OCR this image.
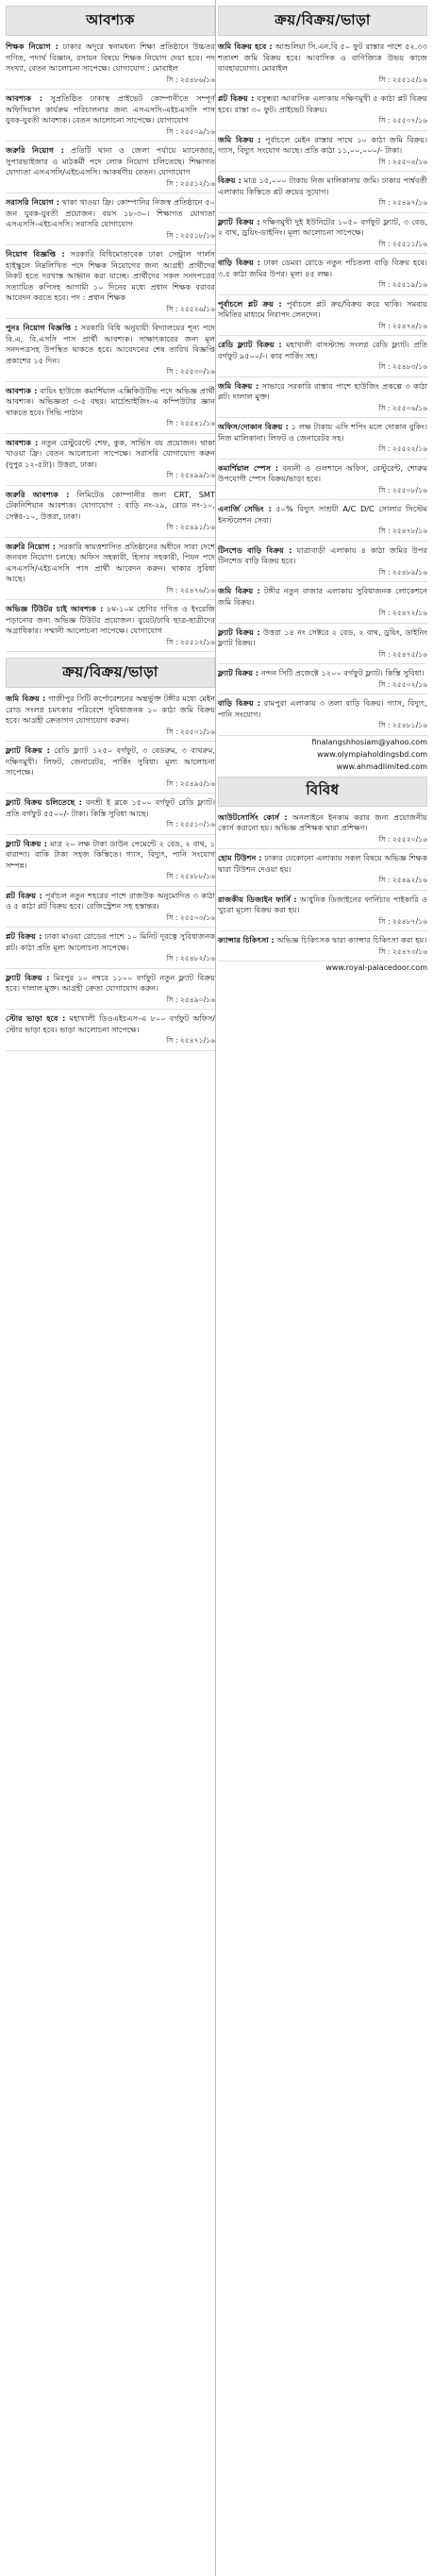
আবশ্যক
শিক্ষক নিয়োগ : ঢাকার অদূরে স্বনামধন্য শিক্ষা প্রতিষ্ঠানে উচ্চতর গণিত, পদার্থ বিজ্ঞান, রসায়ন বিষয়ে শিক্ষক নিয়োগ দেয়া হবে। পদ সংখ্যা, বেতন আলোচনা সাপেক্ষে। যোগাযোগ : মোবাইল
সি : ২৫৪৮৬/১৬
আবশ্যক : সুপ্রতিষ্ঠিত ঢাকাস্থ প্রাইভেট কোম্পানীতে সম্পূর্ণ অফিসিয়াল কার্যক্রম পরিচালনার জন্য এসএসসি-এইচএসসি পাস যুবক-যুবতী আবশ্যক। বেতন আলোচনা সাপেক্ষে। যোগাযোগ
সি : ২৫৫০৯/১৬
জরুরি নিয়োগ : প্রতিটি থানা ও জেলা পর্যায়ে ম্যানেজার, সুপারভাইজার ও মাঠকর্মী পদে লোক নিয়োগ চলিতেছে। শিক্ষাগত যোগ্যতা এসএসসি/এইচএসসি। আকর্ষণীয় বেতন। যোগাযোগ
সি : ২৫৫১২/১৬
সরাসরি নিয়োগ : থাকা খাওয়া ফ্রি। কোম্পানির নিজস্ব প্রতিষ্ঠানে ৫০ জন যুবক-যুবতী প্রয়োজন। বয়স ১৮-৩০। শিক্ষাগত যোগ্যতা এসএসসি-এইচএসসি। সরাসরি যোগাযোগ
সি : ২৫৫১৮/১৬
নিয়োগ বিজ্ঞপ্তি : সরকারি বিধিমোতাবেক ঢাকা সেন্ট্রাল গার্লস হাইস্কুলে নিম্নলিখিত পদে শিক্ষক নিয়োগের জন্য আগ্রহী প্রার্থীদের নিকট হতে দরখাস্ত আহ্বান করা যাচ্ছে। প্রার্থীদের সকল সনদপত্রের সত্যায়িত কপিসহ আগামী ১০ দিনের মধ্যে প্রধান শিক্ষক বরাবর আবেদন করতে হবে। পদ : প্রধান শিক্ষক
সি : ২৫৫২৬/১৬
পুনঃ নিয়োগ বিজ্ঞপ্তি : সরকারি বিধি অনুযায়ী বিদ্যালয়ের শূন্য পদে বি.এ, বি.এসসি পাস প্রার্থী আবশ্যক। সাক্ষাৎকারের জন্য মূল সনদপত্রসহ উপস্থিত থাকতে হবে। আবেদনের শেষ তারিখ বিজ্ঞপ্তি প্রকাশের ১৫ দিন।
সি : ২৫৫৩০/১৬
আবশ্যক : বায়িং হাউজে কমার্শিয়াল এক্সিকিউটিভ পদে অভিজ্ঞ প্রার্থী আবশ্যক। অভিজ্ঞতা ৩-৫ বছর। মার্চেন্ডাইজিং-এ কম্পিউটার জ্ঞান থাকতে হবে। সিভি পাঠান
সি : ২৫৫৪১/১৬
আবশ্যক : নতুন রেস্টুরেন্টে শেফ, কুক, সার্ভিস বয় প্রয়োজন। থাকা খাওয়া ফ্রি। বেতন আলোচনা সাপেক্ষে। সরাসরি যোগাযোগ করুন (দুপুর ১২-৫টা)। উত্তরা, ঢাকা।
সি : ২৫৪৯৯/১৬
জরুরি আবশ্যক : লিমিটেড কোম্পানীর জন্য CRT, SMT টেকনিশিয়ান আবশ্যক। যোগাযোগ : বাড়ি নং-২৯, রোড নং-১০, সেক্টর-১০, উত্তরা, ঢাকা।
সি : ২৫৪৯১/১৬
জরুরি নিয়োগ : সরকারি স্বায়ত্তশাসিত প্রতিষ্ঠানের অধীনে সারা দেশে জনবল নিয়োগ চলছে। অফিস সহকারী, হিসাব সহকারী, পিয়ন পদে এসএসসি/এইচএসসি পাস প্রার্থী আবেদন করুন। থাকার সুবিধা আছে।
সি : ২৫৪৭৬/১৬
অভিজ্ঞ টিউটর চাই আবশ্যক : ৮ম-১০ম শ্রেণির গণিত ও ইংরেজি পড়ানোর জন্য অভিজ্ঞ টিউটর প্রয়োজন। বুয়েট/ঢাবি ছাত্র-ছাত্রীদের অগ্রাধিকার। সম্মানী আলোচনা সাপেক্ষে। যোগাযোগ
সি : ২৫৫১২/১৬
ক্রয়/বিক্রয়/ভাড়া
জমি বিক্রয় : গাজীপুর সিটি কর্পোরেশনের অন্তর্ভুক্ত টঙ্গীর মধ্যে মেইন রোড সংলগ্ন চমৎকার পরিবেশে সুবিধাজনক ১০ কাঠা জমি বিক্রয় হবে। আগ্রহী ক্রেতাগণ যোগাযোগ করুন।
সি : ২৫৫০১/১৬
ফ্ল্যাট বিক্রয় : রেডি ফ্ল্যাট ১২৫০ বর্গফুট, ৩ বেডরুম, ৩ বাথরুম, দক্ষিণমুখী। লিফট, জেনারেটর, পার্কিং সুবিধা। মূল্য আলোচনা সাপেক্ষে।
সি : ২৫৪৯৫/১৬
ফ্ল্যাট বিক্রয় চলিতেছে : বনশ্রী ই ব্লকে ১৫০০ বর্গফুট রেডি ফ্ল্যাট। প্রতি বর্গফুট ৫৫০০/- টাকা। কিস্তি সুবিধা আছে।
সি : ২৫৫১০/১৬
ফ্ল্যাট বিক্রয় : মাত্র ২০ লক্ষ টাকা ডাউন পেমেন্টে ২ বেড, ২ বাথ, ১ বারান্দা। বাকি টাকা সহজ কিস্তিতে। গ্যাস, বিদ্যুৎ, পানি সংযোগ সম্পন্ন।
সি : ২৫৪৮৮/১৬
প্লট বিক্রয় : পূর্বাচল নতুন শহরের পাশে রাজউক অনুমোদিত ৩ কাঠা ও ৫ কাঠা প্লট বিক্রয় হবে। রেজিস্ট্রেশন সহ হস্তান্তর।
সি : ২৫৫০৩/১৬
প্লট বিক্রয় : ঢাকা মাওয়া রোডের পাশে ১০ মিনিট দূরত্বে সুবিধাজনক প্লট। কাঠা প্রতি মূল্য আলোচনা সাপেক্ষে।
সি : ২৫৪৮২/১৬
ফ্ল্যাট বিক্রয় : মিরপুর ১০ নম্বরে ১১০০ বর্গফুট নতুন ফ্ল্যাট বিক্রয় হবে। দালাল মুক্ত। আগ্রহী ক্রেতা যোগাযোগ করুন।
সি : ২৫৪৯০/১৬
স্টোর ভাড়া হবে : মহাখালী ডিওএইচএস-এ ৮০০ বর্গফুট অফিস/স্টোর ভাড়া হবে। ভাড়া আলোচনা সাপেক্ষে।
সি : ২৫৪৭১/১৬
ক্রয়/বিক্রয়/ভাড়া
জমি বিক্রয় হবে : আশুলিয়া সি.এন.বি ৫০ ফুট রাস্তার পাশে ৫২.৩৩ শতাংশ জমি বিক্রয় হবে। আবাসিক ও বাণিজ্যিক উভয় কাজে ব্যবহারযোগ্য। মোবাইল
সি : ২৫৫১৫/১৬
প্লট বিক্রয় : বসুন্ধরা আবাসিক এলাকায় দক্ষিণমুখী ৫ কাঠা প্লট বিক্রয় হবে। রাস্তা ৩০ ফুট। প্রাইভেট বিক্রয়।
সি : ২৫৫০৭/১৬
জমি বিক্রয় : পূর্বাচলে মেইন রাস্তার সাথে ১০ কাঠা জমি বিক্রয়। গ্যাস, বিদ্যুৎ সংযোগ আছে। প্রতি কাঠা ১১,০০,০০০/- টাকা।
সি : ২৫৫০৪/১৬
বিক্রয় : মাত্র ১৫,০০০ টাকায় নিজ মালিকানায় জমি। ঢাকার পার্শ্ববর্তী এলাকায় কিস্তিতে প্লট ক্রয়ের সুযোগ।
সি : ২৫৪৯৭/১৬
ফ্ল্যাট বিক্রয় : দক্ষিণমুখী দুই ইউনিটের ১০৫০ বর্গফুট ফ্ল্যাট, ৩ বেড, ২ বাথ, ড্রয়িং-ডাইনিং। মূল্য আলোচনা সাপেক্ষে।
সি : ২৫৫১১/১৬
বাড়ি বিক্রয় : ঢাকা ডেমরা রোডে নতুন পাঁচতলা বাড়ি বিক্রয় হবে। ৩.৫ কাঠা জমির উপর। মূল্য ৪৫ লক্ষ।
সি : ২৫৫১৯/১৬
পূর্বাচলে প্লট ক্রয় : পূর্বাচলে প্লট ক্রয়/বিক্রয় করে থাকি। সমবায় সমিতির মাধ্যমে নিরাপদ লেনদেন।
সি : ২৫৪৭৪/১৬
রেডি ফ্ল্যাট বিক্রয় : মহাখালী বাসস্ট্যান্ড সংলগ্ন রেডি ফ্ল্যাট। প্রতি বর্গফুট ৯৫০০/-। কার পার্কিং সহ।
সি : ২৫৪৮৩/১৬
জমি বিক্রয় : সাভারে সরকারি রাস্তার পাশে হাউজিং প্রকল্পে ৩ কাঠা প্লট। দালাল মুক্ত।
সি : ২৫৫০৬/১৬
অফিস/দোকান বিক্রয় : ১ লক্ষ টাকায় এসি শপিং মলে দোকান বুকিং। নিজ মালিকানা। লিফট ও জেনারেটর সহ।
সি : ২৫৫২২/১৬
কমার্শিয়াল স্পেস : বনানী ও গুলশানে অফিস, রেস্টুরেন্ট, শোরুম উপযোগী স্পেস বিক্রয়/ভাড়া হবে।
সি : ২৫৫০৮/১৬
এনার্জি সেভিং : ৫০% বিদ্যুৎ সাশ্রয়ী A/C D/C সোলার সিস্টেম ইনস্টলেশন সেবা।
সি : ২৫৪৭৮/১৬
টিনশেড বাড়ি বিক্রয় : যাত্রাবাড়ী এলাকায় ৪ কাঠা জমির উপর টিনশেড বাড়ি বিক্রয় হবে।
সি : ২৫৪৮৯/১৬
জমি বিক্রয় : টঙ্গীর নতুন বাজার এলাকায় সুবিধাজনক লোকেশনে জমি বিক্রয়।
সি : ২৫৪৭২/১৬
ফ্ল্যাট বিক্রয় : উত্তরা ১৪ নং সেক্টরে ২ বেড, ২ বাথ, ড্রয়িং, ডাইনিং ফ্ল্যাট বিক্রয়।
সি : ২৫৪৭৫/১৬
ফ্ল্যাট বিক্রয় : নন্দন সিটি প্রজেক্টে ১২০০ বর্গফুট ফ্ল্যাট। কিস্তি সুবিধা।
সি : ২৫৫০২/১৬
বাড়ি বিক্রয় : রামপুরা এলাকায় ৩ তলা বাড়ি বিক্রয়। গ্যাস, বিদ্যুৎ, পানি সংযোগ।
সি : ২৫৪৮১/১৬
finalangshhosiam@yahoo.com
www.olympiaholdingsbd.com
www.ahmadlimited.com
বিবিধ
আউটসোর্সিং কোর্স : অনলাইনে ইনকাম করার জন্য প্রয়োজনীয় কোর্স করানো হয়। অভিজ্ঞ প্রশিক্ষক দ্বারা প্রশিক্ষণ।
সি : ২৫৫২০/১৬
হোম টিউশন : ঢাকার যেকোনো এলাকায় সকল বিষয়ে অভিজ্ঞ শিক্ষক দ্বারা টিউশন দেওয়া হয়।
সি : ২৫৪৯২/১৬
রাজকীয় ডিজাইন ফার্নি : আধুনিক ডিজাইনের ফার্নিচার পাইকারি ও খুচরা মূল্যে বিক্রয় করা হয়।
সি : ২৫৪৮৭/১৬
ক্যান্সার চিকিৎসা : অভিজ্ঞ চিকিৎসক দ্বারা ক্যান্সার চিকিৎসা করা হয়।
সি : ২৫৪৭৩/১৬
www.royal-palacedoor.com
